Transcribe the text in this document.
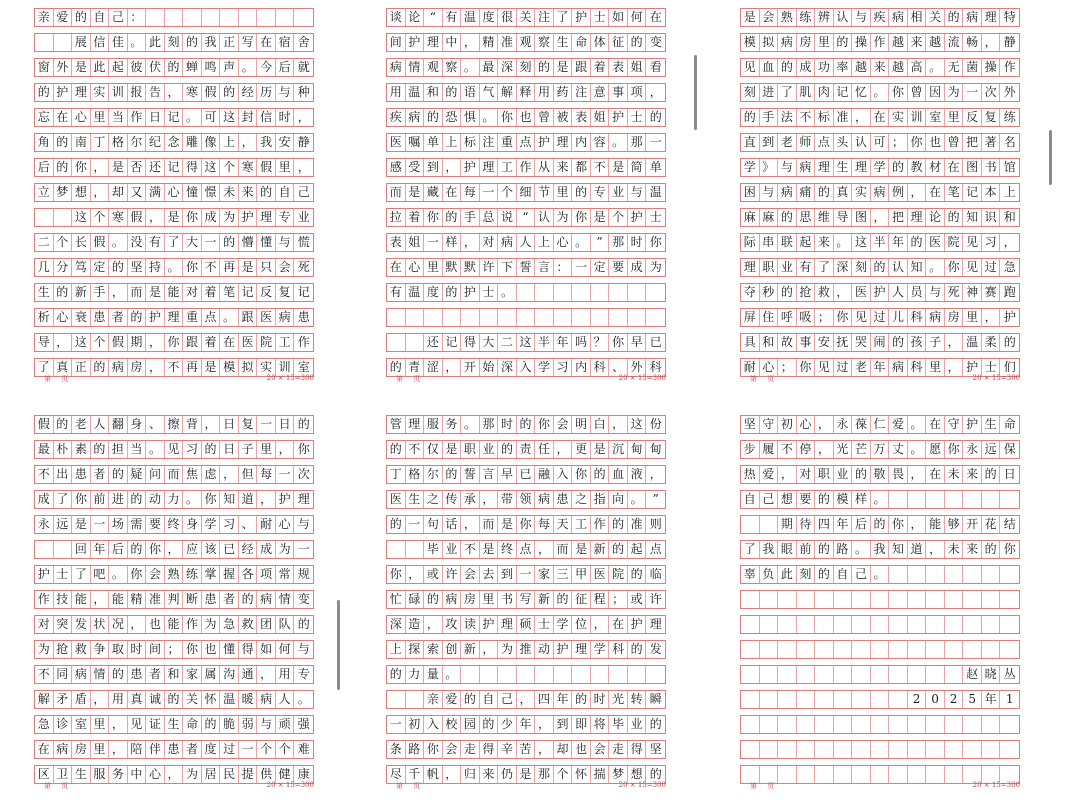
亲 爱 的 自 己 ：

展 信 佳 。 此 刻 的 我 正 写 在 宿 舍
窗 外 是 此 起 彼 伏 的 蝉 鸣 声 。 今 后 就
的 护 理 实 训 报 告 ， 寒 假 的 经 历 与 种
忘 在 心 里 当 作 日 记 。 可 这 封 信 时 ，
角 的 南 丁 格 尔 纪 念 雕 像 上 ， 我 安 静
后 的 你 ， 是 否 还 记 得 这 个 寒 假 里 ，
立 梦 想 ， 却 又 满 心 憧 憬 未 来 的 自 己

这 个 寒 假 ， 是 你 成 为 护 理 专 业
二 个 长 假 。 没 有 了 大 一 的 懵 懂 与 慌
几 分 笃 定 的 坚 持 。 你 不 再 是 只 会 死
生 的 新 手 ， 而 是 能 对 着 笔 记 反 复 记
析 心 衰 患 者 的 护 理 重 点 。 跟 医 病 患
导 ， 这 个 假 期 ， 你 跟 着 在 医 院 工 作
了 真 正 的 病 房 ， 不 再 是 模 拟 实 训 室
第 页	20 × 15=300
谈 论 “ 有 温 度 很 关 注 了 护 士 如 何 在
间 护 理 中 ， 精 准 观 察 生 命 体 征 的 变
病 情 观 察 。 最 深 刻 的 是 跟 着 表 姐 看
用 温 和 的 语 气 解 释 用 药 注 意 事 项 ，
疾 病 的 恐 惧 。 你 也 曾 被 表 姐 护 士 的
医 嘱 单 上 标 注 重 点 护 理 内 容 。 那 一
感 受 到 ， 护 理 工 作 从 来 都 不 是 简 单
而 是 藏 在 每 一 个 细 节 里 的 专 业 与 温
拉 着 你 的 手 总 说 “ 认 为 你 是 个 护 士
表 姐 一 样 ， 对 病 人 上 心 。 ” 那 时 你
在 心 里 默 默 许 下 誓 言 ： 一 定 要 成 为
有 温 度 的 护 士 。

还 记 得 大 二 这 半 年 吗 ？ 你 早 已
的 青 涩 ， 开 始 深 入 学 习 内 科 、 外 科
第 页	20 × 15=300
是 会 熟 练 辨 认 与 疾 病 相 关 的 病 理 特
模 拟 病 房 里 的 操 作 越 来 越 流 畅 ， 静
见 血 的 成 功 率 越 来 越 高 。 无 菌 操 作
刻 进 了 肌 肉 记 忆 。 你 曾 因 为 一 次 外
的 手 法 不 标 准 ， 在 实 训 室 里 反 复 练
直 到 老 师 点 头 认 可 ； 你 也 曾 把 著 名
学 》 与 病 理 生 理 学 的 教 材 在 图 书 馆
困 与 病 痛 的 真 实 病 例 ， 在 笔 记 本 上
麻 麻 的 思 维 导 图 ， 把 理 论 的 知 识 和
际 串 联 起 来 。 这 半 年 的 医 院 见 习 ，
理 职 业 有 了 深 刻 的 认 知 。 你 见 过 急
夺 秒 的 抢 救 ， 医 护 人 员 与 死 神 赛 跑
屏 住 呼 吸 ； 你 见 过 儿 科 病 房 里 ， 护
具 和 故 事 安 抚 哭 闹 的 孩 子 ， 温 柔 的
耐 心 ； 你 见 过 老 年 病 科 里 ， 护 士 们
第 页	20 × 15=300
假 的 老 人 翻 身 、 擦 背 ， 日 复 一 日 的
最 朴 素 的 担 当 。 见 习 的 日 子 里 ， 你
不 出 患 者 的 疑 问 而 焦 虑 ， 但 每 一 次
成 了 你 前 进 的 动 力 。 你 知 道 ， 护 理
永 远 是 一 场 需 要 终 身 学 习 、 耐 心 与

回 年 后 的 你 ， 应 该 已 经 成 为 一
护 士 了 吧 。 你 会 熟 练 掌 握 各 项 常 规
作 技 能 ， 能 精 准 判 断 患 者 的 病 情 变
对 突 发 状 况 ， 也 能 作 为 急 救 团 队 的
为 抢 救 争 取 时 间 ； 你 也 懂 得 如 何 与
不 同 病 情 的 患 者 和 家 属 沟 通 ， 用 专
解 矛 盾 ， 用 真 诚 的 关 怀 温 暖 病 人 。
急 诊 室 里 ， 见 证 生 命 的 脆 弱 与 顽 强
在 病 房 里 ， 陪 伴 患 者 度 过 一 个 个 难
区 卫 生 服 务 中 心 ， 为 居 民 提 供 健 康
第 页	20 × 15=300
管 理 服 务 。 那 时 的 你 会 明 白 ， 这 份
的 不 仅 是 职 业 的 责 任 ， 更 是 沉 甸 甸
丁 格 尔 的 誓 言 早 已 融 入 你 的 血 液 ，
医 生 之 传 承 ， 带 领 病 患 之 指 向 。 ”
的 一 句 话 ， 而 是 你 每 天 工 作 的 准 则

毕 业 不 是 终 点 ， 而 是 新 的 起 点
你 ， 或 许 会 去 到 一 家 三 甲 医 院 的 临
忙 碌 的 病 房 里 书 写 新 的 征 程 ； 或 许
深 造 ， 攻 读 护 理 硕 士 学 位 ， 在 护 理
上 探 索 创 新 ， 为 推 动 护 理 学 科 的 发
的 力 量 。

亲 爱 的 自 己 ， 四 年 的 时 光 转 瞬
一 初 入 校 园 的 少 年 ， 到 即 将 毕 业 的
条 路 你 会 走 得 辛 苦 ， 却 也 会 走 得 坚
尽 千 帆 ， 归 来 仍 是 那 个 怀 揣 梦 想 的
第 页	20 × 15=300
坚 守 初 心 ， 永 葆 仁 爱 。 在 守 护 生 命
步 履 不 停 ， 光 芒 万 丈 。 愿 你 永 远 保
热 爱 ， 对 职 业 的 敬 畏 ， 在 未 来 的 日
自 己 想 要 的 模 样 。

期 待 四 年 后 的 你 ， 能 够 开 花 结
了 我 眼 前 的 路 。 我 知 道 ， 未 来 的 你
辜 负 此 刻 的 自 己 。

赵 晓 丛

2 0 2 5 年 1
第 页	20 × 15=300
